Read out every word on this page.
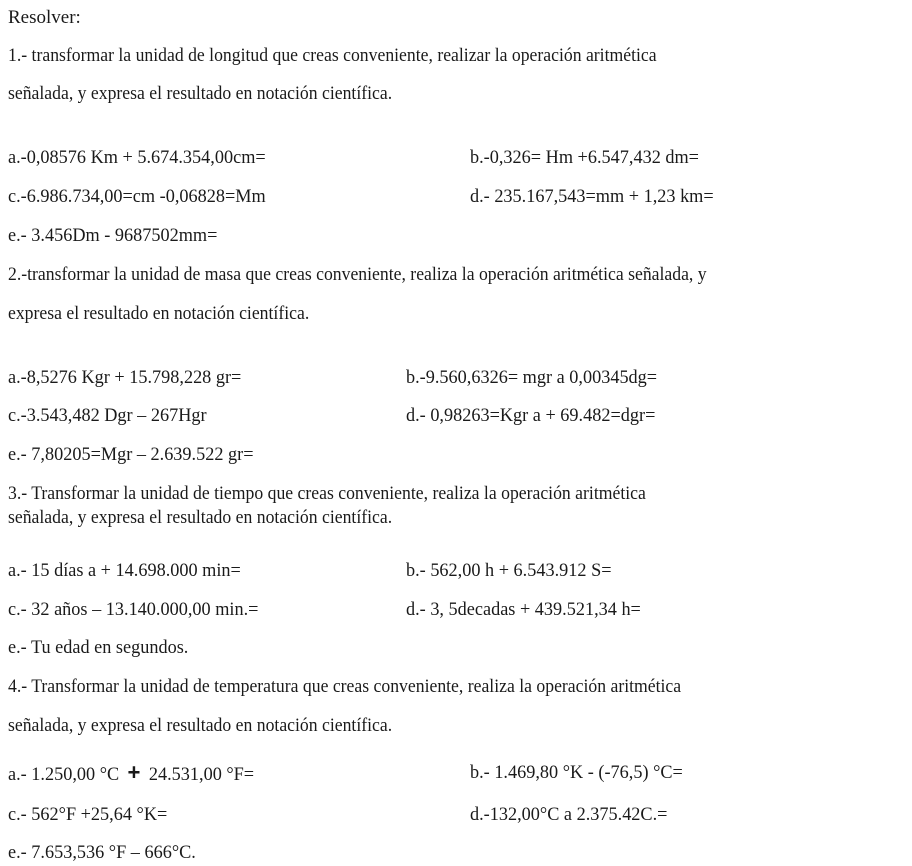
Resolver:
1.- transformar la unidad de longitud que creas conveniente, realizar la operación aritmética
señalada, y expresa el resultado en notación científica.
a.-0,08576 Km + 5.674.354,00cm=	b.-0,326= Hm +6.547,432 dm=
c.-6.986.734,00=cm -0,06828=Mm	d.- 235.167,543=mm + 1,23 km=
e.- 3.456Dm - 9687502mm=
2.-transformar la unidad de masa que creas conveniente, realiza la operación aritmética señalada, y
expresa el resultado en notación científica.
a.-8,5276 Kgr + 15.798,228 gr=	b.-9.560,6326= mgr a 0,00345dg=
c.-3.543,482 Dgr – 267Hgr	d.- 0,98263=Kgr a + 69.482=dgr=
e.- 7,80205=Mgr – 2.639.522 gr=
3.- Transformar la unidad de tiempo que creas conveniente, realiza la operación aritmética
señalada, y expresa el resultado en notación científica.
a.- 15 días a + 14.698.000 min=	b.- 562,00 h + 6.543.912 S=
c.- 32 años – 13.140.000,00 min.=	d.- 3, 5decadas + 439.521,34 h=
e.- Tu edad en segundos.
4.- Transformar la unidad de temperatura que creas conveniente, realiza la operación aritmética
señalada, y expresa el resultado en notación científica.
a.- 1.250,00 °C + 24.531,00 °F=	b.- 1.469,80 °K - (-76,5) °C=
c.- 562°F +25,64 °K=	d.-132,00°C a 2.375.42C.=
e.- 7.653,536 °F – 666°C.
